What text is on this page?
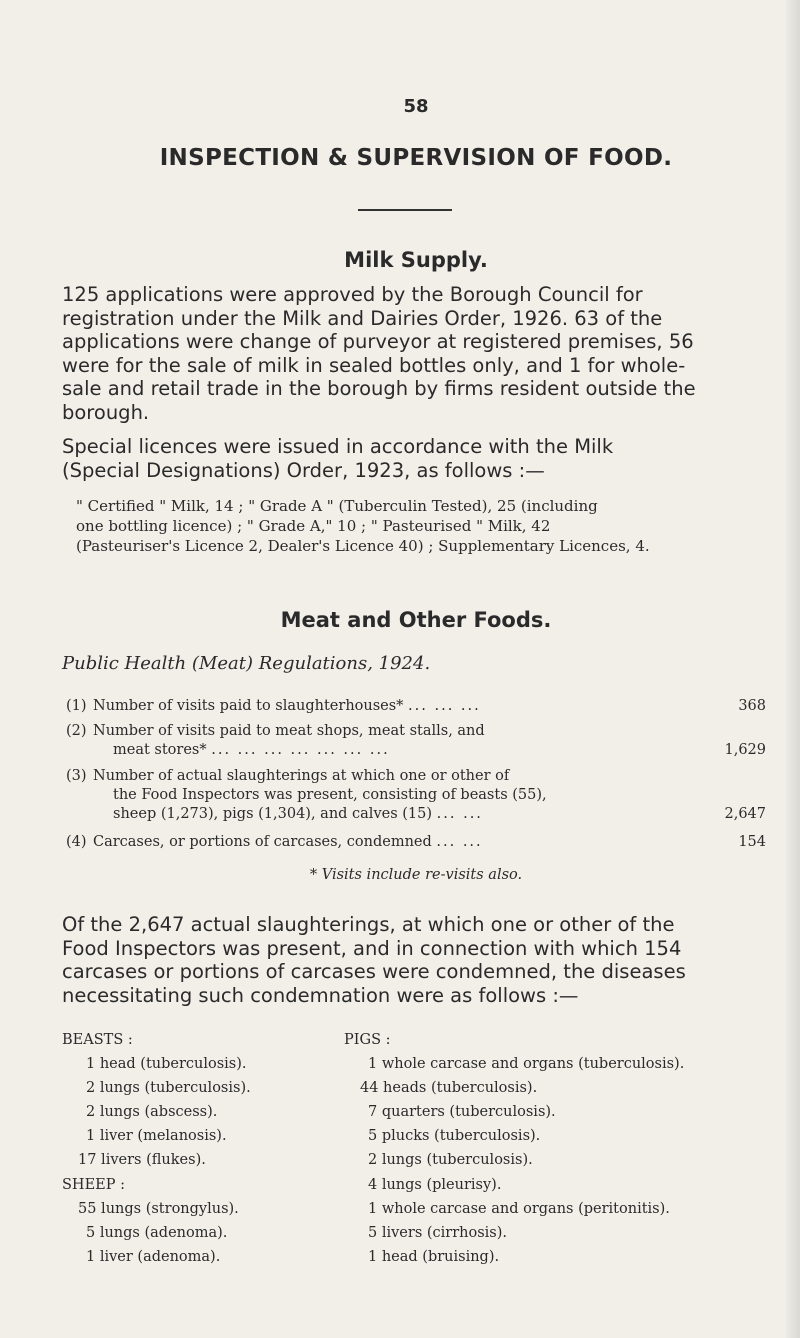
58
INSPECTION & SUPERVISION OF FOOD.
Milk Supply.
125 applications were approved by the Borough Council for
registration under the Milk and Dairies Order, 1926. 63 of the
applications were change of purveyor at registered premises, 56
were for the sale of milk in sealed bottles only, and 1 for whole-
sale and retail trade in the borough by firms resident outside the
borough.
Special licences were issued in accordance with the Milk
(Special Designations) Order, 1923, as follows :—
" Certified " Milk, 14 ; " Grade A " (Tuberculin Tested), 25 (including
one bottling licence) ; " Grade A," 10 ; " Pasteurised " Milk, 42
(Pasteuriser's Licence 2, Dealer's Licence 40) ; Supplementary Licences, 4.
Meat and Other Foods.
Public Health (Meat) Regulations, 1924.
(1) Number of visits paid to slaughterhouses* ... ... ...	368
(2) Number of visits paid to meat shops, meat stalls, and
meat stores* ... ... ... ... ... ... ...	1,629
(3) Number of actual slaughterings at which one or other of
the Food Inspectors was present, consisting of beasts (55),
sheep (1,273), pigs (1,304), and calves (15) ... ...	2,647
(4) Carcases, or portions of carcases, condemned ... ...	154
* Visits include re-visits also.
Of the 2,647 actual slaughterings, at which one or other of the
Food Inspectors was present, and in connection with which 154
carcases or portions of carcases were condemned, the diseases
necessitating such condemnation were as follows :—
BEASTS :
1 head (tuberculosis).
2 lungs (tuberculosis).
2 lungs (abscess).
1 liver (melanosis).
17 livers (flukes).
SHEEP :
55 lungs (strongylus).
5 lungs (adenoma).
1 liver (adenoma).
PIGS :
1 whole carcase and organs (tuberculosis).
44 heads (tuberculosis).
7 quarters (tuberculosis).
5 plucks (tuberculosis).
2 lungs (tuberculosis).
4 lungs (pleurisy).
1 whole carcase and organs (peritonitis).
5 livers (cirrhosis).
1 head (bruising).
